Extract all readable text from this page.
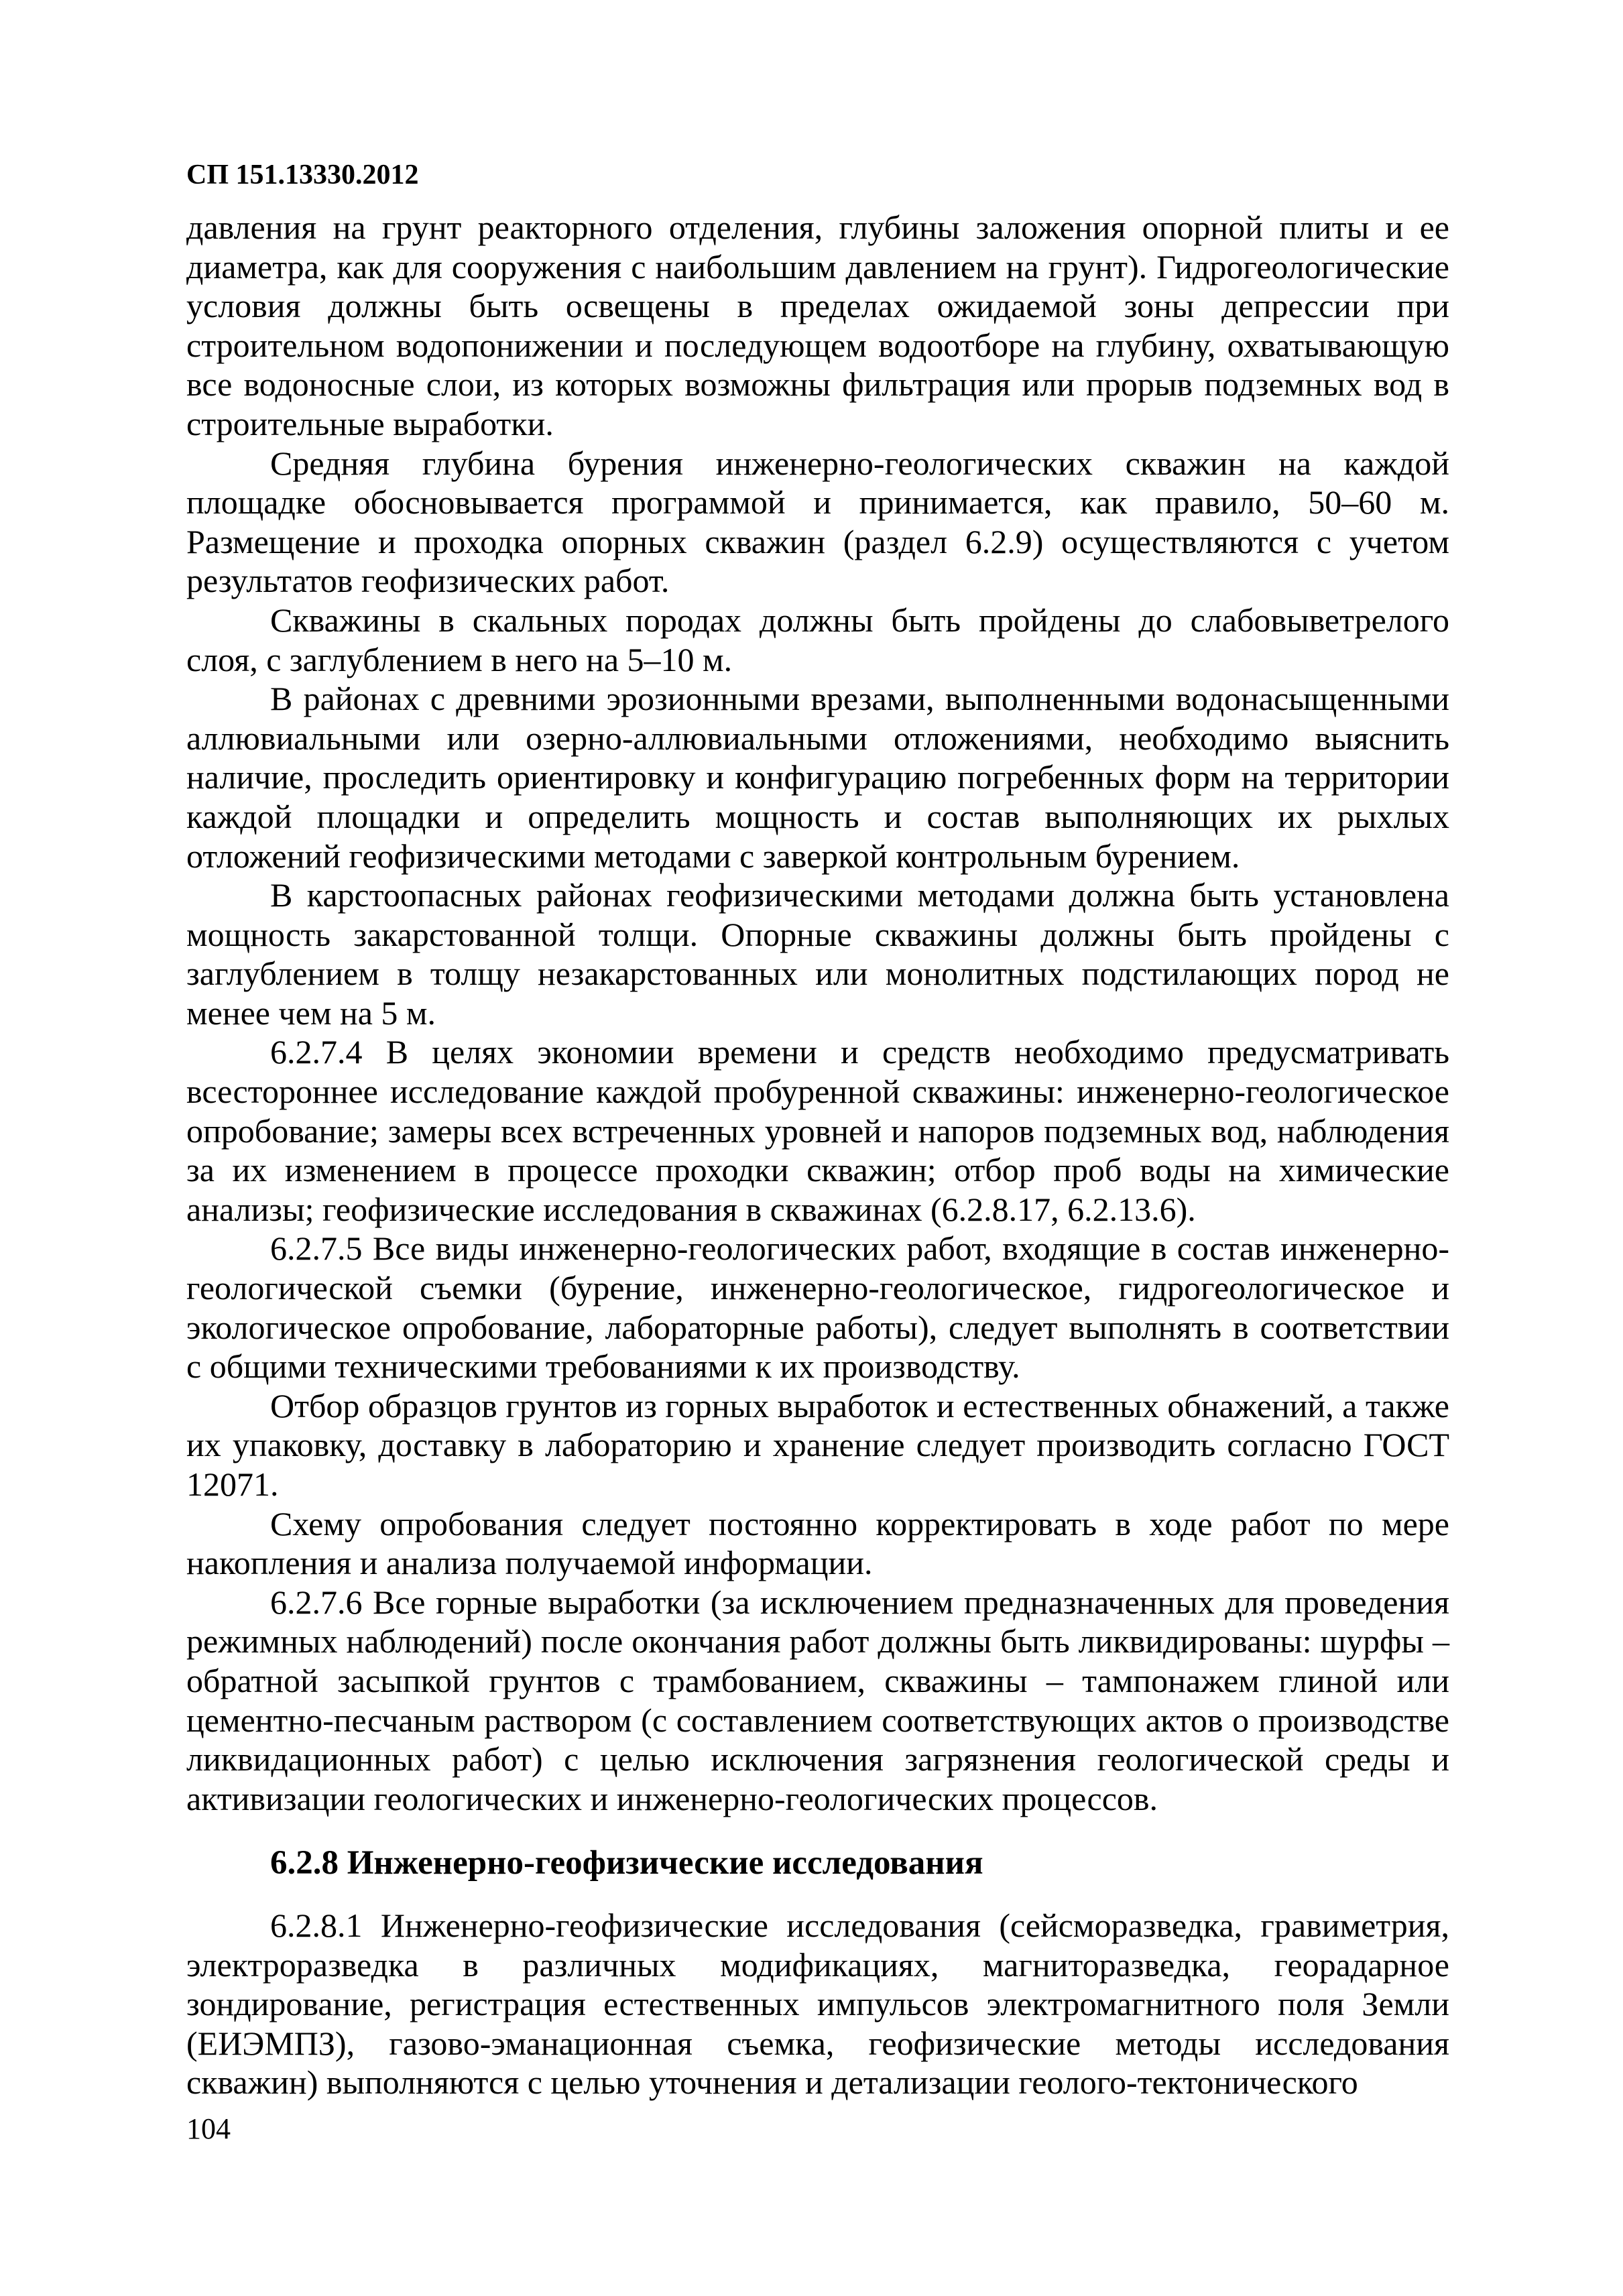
СП 151.13330.2012

давления на грунт реакторного отделения, глубины заложения опорной плиты и ее диаметра, как для сооружения с наибольшим давлением на грунт). Гидрогеологические условия должны быть освещены в пределах ожидаемой зоны депрессии при строительном водопонижении и последующем водоотборе на глубину, охватывающую все водоносные слои, из которых возможны фильтрация или прорыв подземных вод в строительные выработки.

Средняя глубина бурения инженерно-геологических скважин на каждой площадке обосновывается программой и принимается, как правило, 50–60 м. Размещение и проходка опорных скважин (раздел 6.2.9) осуществляются с учетом результатов геофизических работ.

Скважины в скальных породах должны быть пройдены до слабовыветрелого слоя, с заглублением в него на 5–10 м.

В районах с древними эрозионными врезами, выполненными водонасыщенными аллювиальными или озерно-аллювиальными отложениями, необходимо выяснить наличие, проследить ориентировку и конфигурацию погребенных форм на территории каждой площадки и определить мощность и состав выполняющих их рыхлых отложений геофизическими методами с заверкой контрольным бурением.

В карстоопасных районах геофизическими методами должна быть установлена мощность закарстованной толщи. Опорные скважины должны быть пройдены с заглублением в толщу незакарстованных или монолитных подстилающих пород не менее чем на 5 м.

6.2.7.4 В целях экономии времени и средств необходимо предусматривать всестороннее исследование каждой пробуренной скважины: инженерно-геологическое опробование; замеры всех встреченных уровней и напоров подземных вод, наблюдения за их изменением в процессе проходки скважин; отбор проб воды на химические анализы; геофизические исследования в скважинах (6.2.8.17, 6.2.13.6).

6.2.7.5 Все виды инженерно-геологических работ, входящие в состав инженерно-геологической съемки (бурение, инженерно-геологическое, гидрогеологическое и экологическое опробование, лабораторные работы), следует выполнять в соответствии с общими техническими требованиями к их производству.

Отбор образцов грунтов из горных выработок и естественных обнажений, а также их упаковку, доставку в лабораторию и хранение следует производить согласно ГОСТ 12071.

Схему опробования следует постоянно корректировать в ходе работ по мере накопления и анализа получаемой информации.

6.2.7.6 Все горные выработки (за исключением предназначенных для проведения режимных наблюдений) после окончания работ должны быть ликвидированы: шурфы – обратной засыпкой грунтов с трамбованием, скважины – тампонажем глиной или цементно-песчаным раствором (с составлением соответствующих актов о производстве ликвидационных работ) с целью исключения загрязнения геологической среды и активизации геологических и инженерно-геологических процессов.

6.2.8 Инженерно-геофизические исследования

6.2.8.1 Инженерно-геофизические исследования (сейсморазведка, гравиметрия, электроразведка в различных модификациях, магниторазведка, георадарное зондирование, регистрация естественных импульсов электромагнитного поля Земли (ЕИЭМПЗ), газово-эманационная съемка, геофизические методы исследования скважин) выполняются с целью уточнения и детализации геолого-тектонического

104
